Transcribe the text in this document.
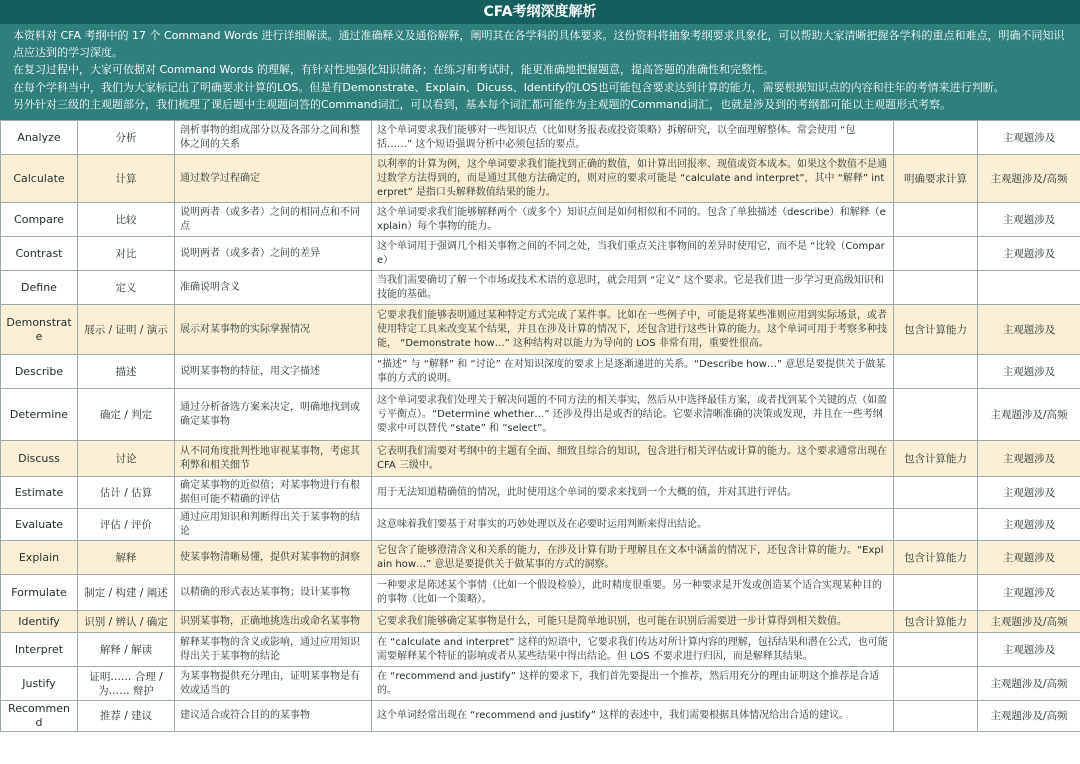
CFA考纲深度解析

本资料对 CFA 考纲中的 17 个 Command Words 进行详细解读。通过准确释义及通俗解释，阐明其在各学科的具体要求。这份资料将抽象考纲要求具象化，可以帮助大家清晰把握各学科的重点和难点，明确不同知识点应达到的学习深度。

在复习过程中，大家可依据对 Command Words 的理解，有针对性地强化知识储备；在练习和考试时，能更准确地把握题意，提高答题的准确性和完整性。

在每个学科当中，我们为大家标记出了明确要求计算的LOS。但是有Demonstrate、Explain、Dicuss、Identify的LOS也可能包含要求达到计算的能力，需要根据知识点的内容和往年的考情来进行判断。

另外针对三级的主观题部分，我们梳理了课后题中主观题问答的Command词汇，可以看到，基本每个词汇都可能作为主观题的Command词汇，也就是涉及到的考纲都可能以主观题形式考察。

Analyze	分析	剖析事物的组成部分以及各部分之间和整体之间的关系	这个单词要求我们能够对一些知识点（比如财务报表或投资策略）拆解研究，以全面理解整体。常会使用 “包括……” 这个短语强调分析中必须包括的要点。		主观题涉及
Calculate	计算	通过数学过程确定	以利率的计算为例，这个单词要求我们能找到正确的数值，如计算出回报率、现值或资本成本。如果这个数值不是通过数学方法得到的，而是通过其他方法确定的，则对应的要求可能是 “calculate and interpret”，其中 “解释” interpret” 是指口头解释数值结果的能力。	明确要求计算	主观题涉及/高频
Compare	比较	说明两者（或多者）之间的相同点和不同点	这个单词要求我们能够解释两个（或多个）知识点间是如何相似和不同的。包含了单独描述（describe）和解释（explain）每个事物的能力。		主观题涉及
Contrast	对比	说明两者（或多者）之间的差异	这个单词用于强调几个相关事物之间的不同之处，当我们重点关注事物间的差异时使用它，而不是 “比较（Compare）		主观题涉及
Define	定义	准确说明含义	当我们需要确切了解一个市场或技术术语的意思时，就会用到 “定义” 这个要求。它是我们进一步学习更高级知识和技能的基础。		
Demonstrate	展示 / 证明 / 演示	展示对某事物的实际掌握情况	它要求我们能够表明通过某种特定方式完成了某件事。比如在一些例子中，可能是将某些准则应用到实际场景，或者使用特定工具来改变某个结果，并且在涉及计算的情况下，还包含进行这些计算的能力。这个单词可用于考察多种技能， “Demonstrate how…” 这种结构对以能力为导向的 LOS 非常有用，重要性很高。	包含计算能力	主观题涉及
Describe	描述	说明某事物的特征，用文字描述	“描述” 与 “解释” 和 “讨论” 在对知识深度的要求上是逐渐递进的关系。“Describe how…” 意思是要提供关于做某事的方式的说明。		主观题涉及
Determine	确定 / 判定	通过分析备选方案来决定，明确地找到或确定某事物	这个单词要求我们处理关于解决问题的不同方法的相关事实，然后从中选择最佳方案，或者找到某个关键的点（如盈亏平衡点）。“Determine whether…” 还涉及得出是或否的结论。它要求清晰准确的决策或发现，并且在一些考纲要求中可以替代 “state” 和 “select”。		主观题涉及/高频
Discuss	讨论	从不同角度批判性地审视某事物，考虑其利弊和相关细节	它表明我们需要对考纲中的主题有全面、细致且综合的知识，包含进行相关评估或计算的能力。这个要求通常出现在 CFA 三级中。	包含计算能力	主观题涉及
Estimate	估计 / 估算	确定某事物的近似值；对某事物进行有根据但可能不精确的评估	用于无法知道精确值的情况，此时使用这个单词的要求来找到一个大概的值，并对其进行评估。		主观题涉及
Evaluate	评估 / 评价	通过应用知识和判断得出关于某事物的结论	这意味着我们要基于对事实的巧妙处理以及在必要时运用判断来得出结论。		主观题涉及
Explain	解释	使某事物清晰易懂，提供对某事物的洞察	它包含了能够澄清含义和关系的能力，在涉及计算有助于理解且在文本中涵盖的情况下，还包含计算的能力。“Explain how…” 意思是要提供关于做某事的方式的洞察。	包含计算能力	主观题涉及
Formulate	制定 / 构建 / 阐述	以精确的形式表达某事物；设计某事物	一种要求是陈述某个事情（比如一个假设检验），此时精度很重要。另一种要求是开发或创造某个适合实现某种目的的事物（比如一个策略）。		主观题涉及
Identify	识别 / 辨认 / 确定	识别某事物，正确地挑选出或命名某事物	它要求我们能够确定某事物是什么，可能只是简单地识别，也可能在识别后需要进一步计算得到相关数值。	包含计算能力	主观题涉及/高频
Interpret	解释 / 解读	解释某事物的含义或影响，通过应用知识得出关于某事物的结论	在 “calculate and interpret” 这样的短语中，它要求我们传达对所计算内容的理解，包括结果和潜在公式，也可能需要解释某个特征的影响或者从某些结果中得出结论。但 LOS 不要求进行归因，而是解释其结果。		主观题涉及
Justify	证明…… 合理 / 为…… 辩护	为某事物提供充分理由，证明某事物是有效或适当的	在 “recommend and justify” 这样的要求下，我们首先要提出一个推荐，然后用充分的理由证明这个推荐是合适的。		主观题涉及/高频
Recommend	推荐 / 建议	建议适合或符合目的的某事物	这个单词经常出现在 “recommend and justify” 这样的表述中，我们需要根据具体情况给出合适的建议。		主观题涉及/高频
